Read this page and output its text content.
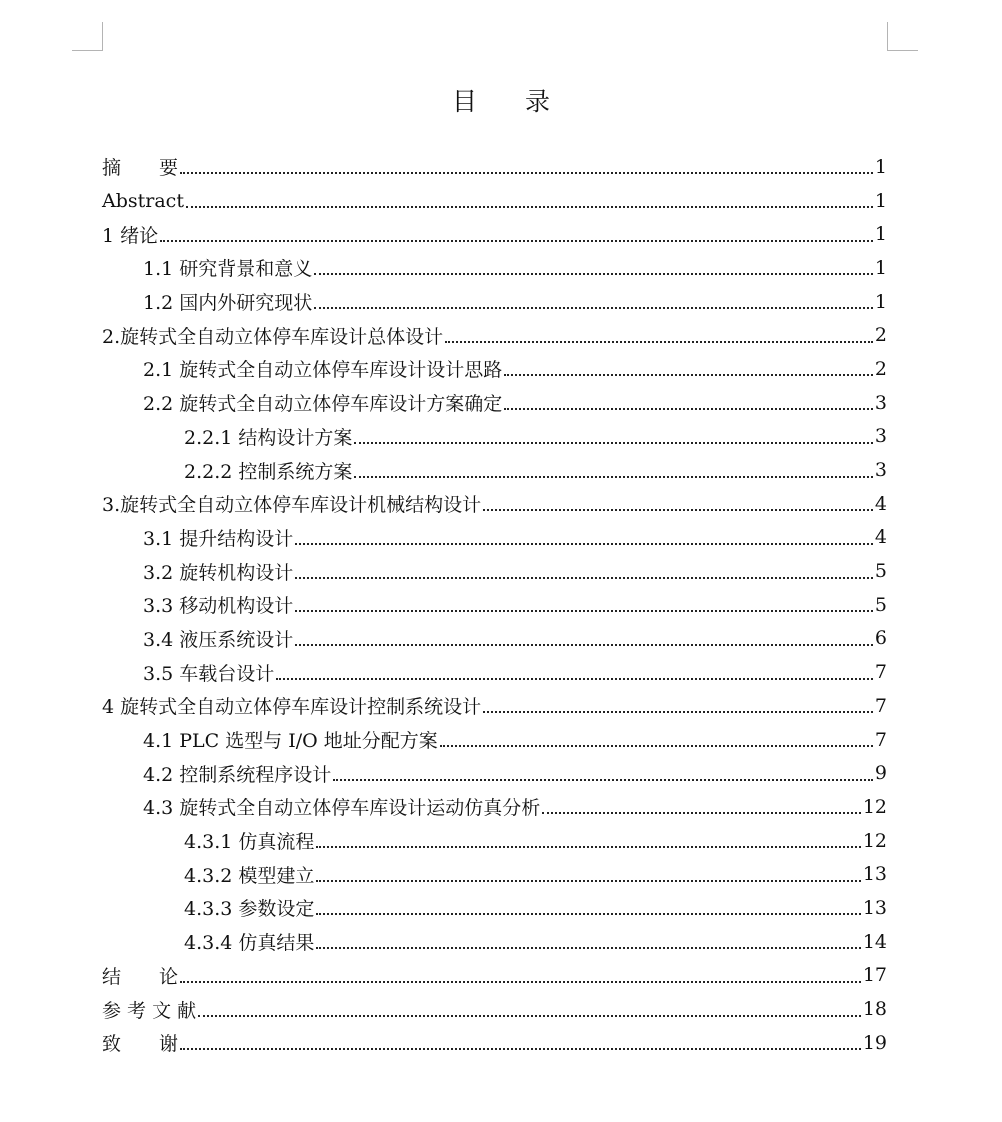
目 录
摘　　要	1
Abstract	1
1 绪论	1
1.1 研究背景和意义	1
1.2 国内外研究现状	1
2.旋转式全自动立体停车库设计总体设计	2
2.1 旋转式全自动立体停车库设计设计思路	2
2.2 旋转式全自动立体停车库设计方案确定	3
2.2.1 结构设计方案	3
2.2.2 控制系统方案	3
3.旋转式全自动立体停车库设计机械结构设计	4
3.1 提升结构设计	4
3.2 旋转机构设计	5
3.3 移动机构设计	5
3.4 液压系统设计	6
3.5 车载台设计	7
4 旋转式全自动立体停车库设计控制系统设计	7
4.1 PLC 选型与 I/O 地址分配方案	7
4.2 控制系统程序设计	9
4.3 旋转式全自动立体停车库设计运动仿真分析	12
4.3.1 仿真流程	12
4.3.2 模型建立	13
4.3.3 参数设定	13
4.3.4 仿真结果	14
结　　论	17
参 考 文 献	18
致　　谢	19
